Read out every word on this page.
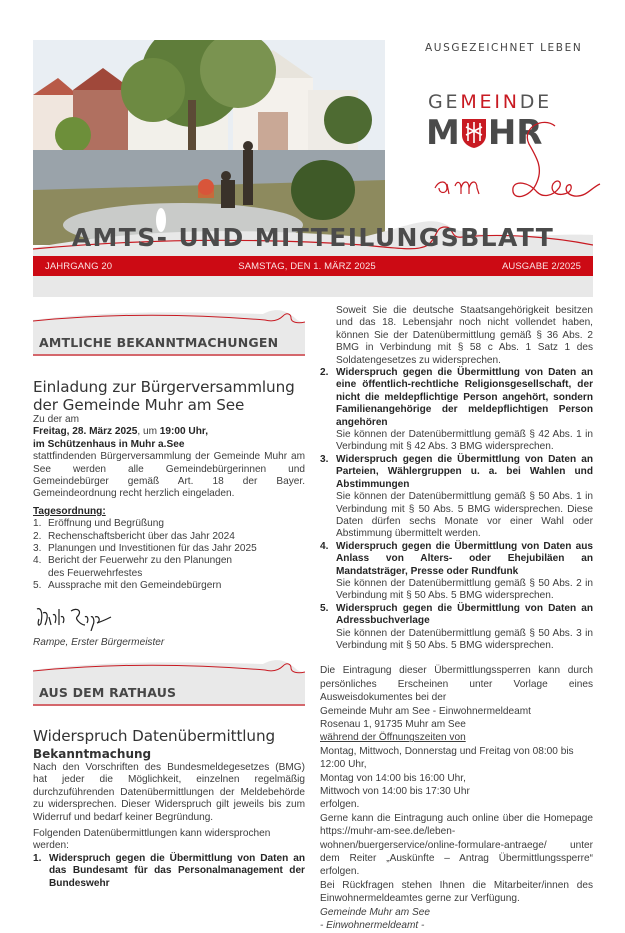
AUSGEZEICHNET LEBEN
GEMEINDE
M HR
AMTS- UND MITTEILUNGSBLATT
JAHRGANG 20	SAMSTAG, DEN 1. MÄRZ 2025	AUSGABE 2/2025
AMTLICHE BEKANNTMACHUNGEN
Einladung zur Bürgerversammlung
der Gemeinde Muhr am See

Zu der am

Freitag, 28. März 2025, um 19:00 Uhr,

im Schützenhaus in Muhr a.See

stattfindenden Bürgerversammlung der Gemeinde Muhr am See werden alle Gemeindebürgerinnen und Gemeindebürger gemäß Art. 18 der Bayer. Gemeindeordnung recht herzlich eingeladen.

Tagesordnung:

1. Eröffnung und Begrüßung
2. Rechenschaftsbericht über das Jahr 2024
3. Planungen und Investitionen für das Jahr 2025
4. Bericht der Feuerwehr zu den Planungen des Feuerwehrfestes
5. Aussprache mit den Gemeindebürgern

Rampe, Erster Bürgermeister

AUS DEM RATHAUS
Widerspruch Datenübermittlung
Bekanntmachung

Nach den Vorschriften des Bundesmeldegesetzes (BMG) hat jeder die Möglichkeit, einzelnen regelmäßig durchzuführenden Datenübermittlungen der Meldebehörde zu widersprechen. Dieser Widerspruch gilt jeweils bis zum Widerruf und bedarf keiner Begründung.

Folgenden Datenübermittlungen kann widersprochen werden:

1. Widerspruch gegen die Übermittlung von Daten an das Bundesamt für das Personalmanagement der Bundeswehr

Soweit Sie die deutsche Staatsangehörigkeit besitzen und das 18. Lebensjahr noch nicht vollendet haben, können Sie der Datenübermittlung gemäß § 36 Abs. 2 BMG in Verbindung mit § 58 c Abs. 1 Satz 1 des Soldatengesetzes zu widersprechen.

2. Widerspruch gegen die Übermittlung von Daten an eine öffentlich-rechtliche Religionsgesellschaft, der nicht die meldepflichtige Person angehört, sondern Familienangehörige der meldepflichtigen Person angehören
Sie können der Datenübermittlung gemäß § 42 Abs. 1 in Verbindung mit § 42 Abs. 3 BMG widersprechen.
3. Widerspruch gegen die Übermittlung von Daten an Parteien, Wählergruppen u. a. bei Wahlen und Abstimmungen
Sie können der Datenübermittlung gemäß § 50 Abs. 1 in Verbindung mit § 50 Abs. 5 BMG widersprechen. Diese Daten dürfen sechs Monate vor einer Wahl oder Abstimmung übermittelt werden.
4. Widerspruch gegen die Übermittlung von Daten aus Anlass von Alters- oder Ehejubiläen an Mandatsträger, Presse oder Rundfunk
Sie können der Datenübermittlung gemäß § 50 Abs. 2 in Verbindung mit § 50 Abs. 5 BMG widersprechen.
5. Widerspruch gegen die Übermittlung von Daten an Adressbuchverlage
Sie können der Datenübermittlung gemäß § 50 Abs. 3 in Verbindung mit § 50 Abs. 5 BMG widersprechen.

Die Eintragung dieser Übermittlungssperren kann durch persönliches Erscheinen unter Vorlage eines Ausweisdokumentes bei der

Gemeinde Muhr am See - Einwohnermeldeamt

Rosenau 1, 91735 Muhr am See

während der Öffnungszeiten von

Montag, Mittwoch, Donnerstag und Freitag von 08:00 bis 12:00 Uhr,

Montag von 14:00 bis 16:00 Uhr,

Mittwoch von 14:00 bis 17:30 Uhr

erfolgen.

Gerne kann die Eintragung auch online über die Homepage https://muhr-am-see.de/leben-wohnen/buergerservice/online-formulare-antraege/ unter dem Reiter „Auskünfte – Antrag Übermittlungssperre“ erfolgen.

Bei Rückfragen stehen Ihnen die Mitarbeiter/innen des Einwohnermeldeamtes gerne zur Verfügung.

Gemeinde Muhr am See

- Einwohnermeldeamt -
